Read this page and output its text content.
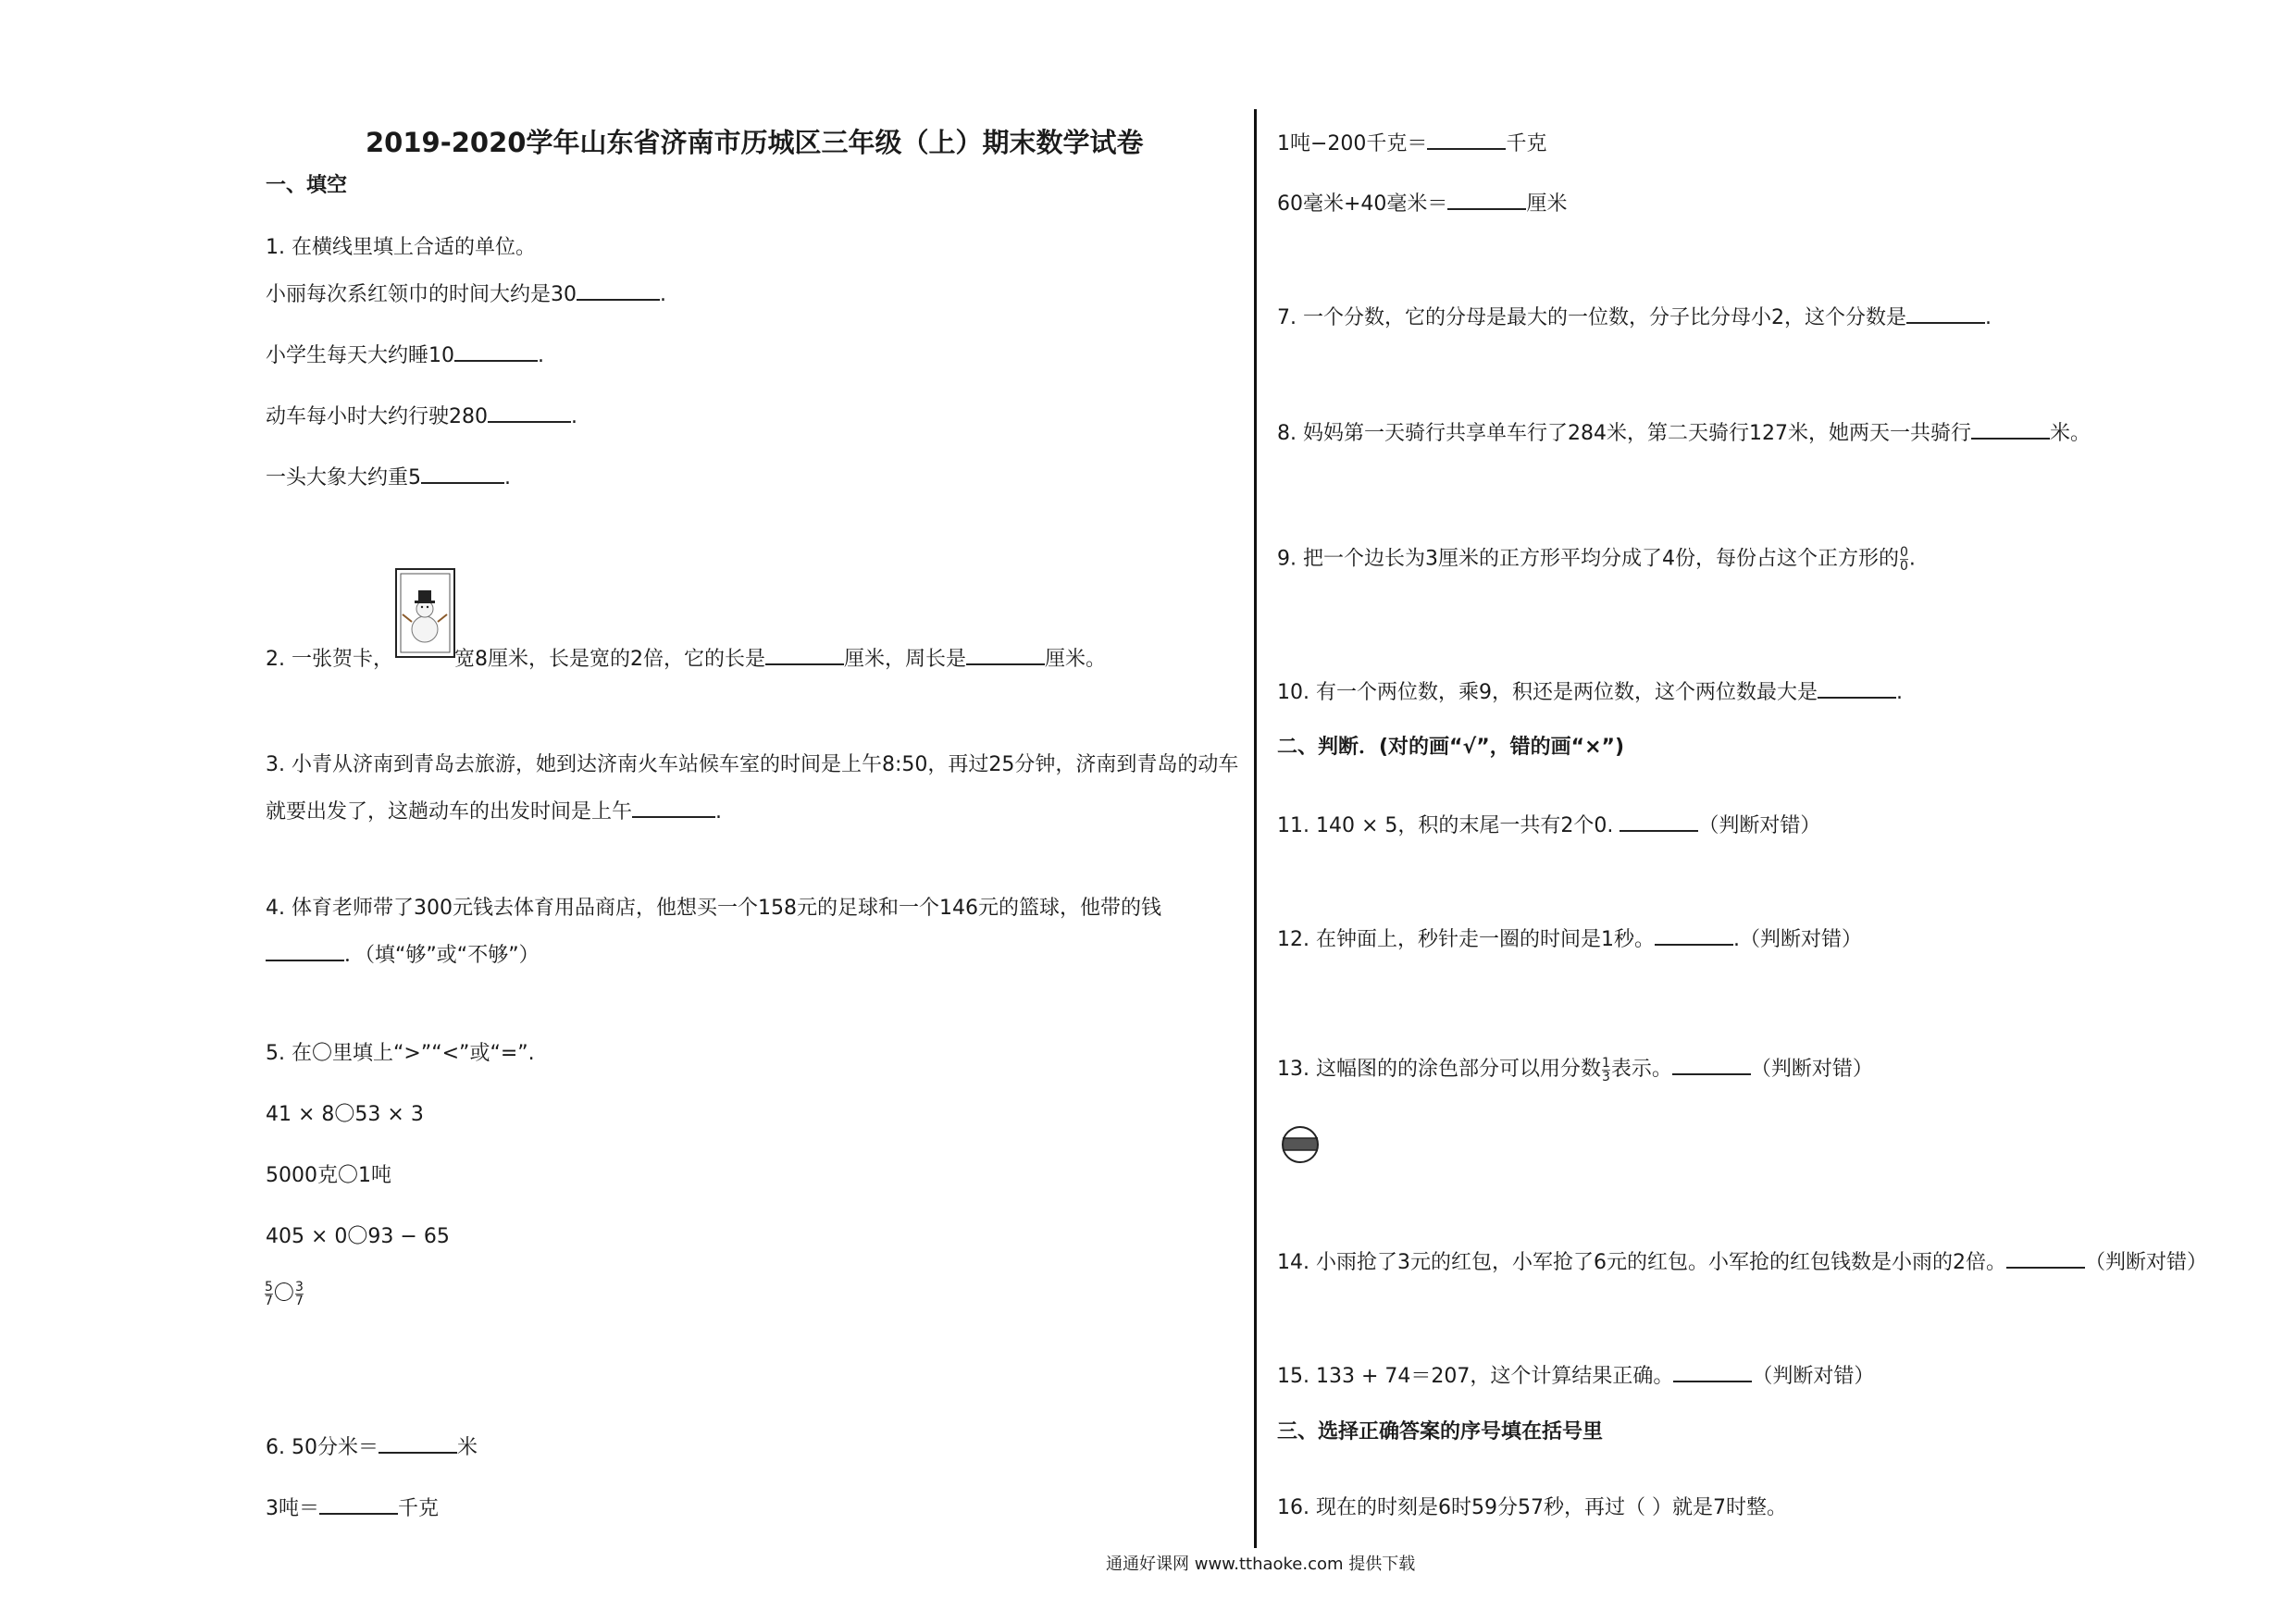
2019-2020学年山东省济南市历城区三年级（上）期末数学试卷
一、填空
1. 在横线里填上合适的单位。
小丽每次系红领巾的时间大约是30	.
小学生每天大约睡10	.
动车每小时大约行驶280	.
一头大象大约重5	.
2. 一张贺卡，	宽8厘米，长是宽的2倍，它的长是	厘米，周长是	厘米。
3. 小青从济南到青岛去旅游，她到达济南火车站候车室的时间是上午8:50，再过25分钟，济南到青岛的动车
就要出发了，这趟动车的出发时间是上午	.
4. 体育老师带了300元钱去体育用品商店，他想买一个158元的足球和一个146元的篮球，他带的钱
．（填“够”或“不够”）
5. 在〇里填上“>”“<”或“=”.
41 × 8〇53 × 3
5000克〇1吨
405 × 0〇93 − 65
$\frac{5}{7}$ 〇 $\frac{3}{7}$
6. 50分米＝	米
3吨＝	千克
1吨−200千克＝	千克
60毫米+40毫米＝	厘米
7. 一个分数，它的分母是最大的一位数，分子比分母小2，这个分数是	.
8. 妈妈第一天骑行共享单车行了284米，第二天骑行127米，她两天一共骑行	米。
9. 把一个边长为3厘米的正方形平均分成了4份，每份占这个正方形的 $\frac{0}{0}$ .
10. 有一个两位数，乘9，积还是两位数，这个两位数最大是	.
二、判断．(对的画“√”，错的画“×”)
11. 140 × 5，积的末尾一共有2个0.	（判断对错）
12. 在钟面上，秒针走一圈的时间是1秒。	.（判断对错）
13. 这幅图的的涂色部分可以用分数 $\frac{1}{3}$ 表示。	（判断对错）
14. 小雨抢了3元的红包，小军抢了6元的红包。小军抢的红包钱数是小雨的2倍。	（判断对错）
15. 133 + 74＝207，这个计算结果正确。	（判断对错）
三、选择正确答案的序号填在括号里
16. 现在的时刻是6时59分57秒，再过（ ）就是7时整。
通通好课网 www.tthaoke.com 提供下载
